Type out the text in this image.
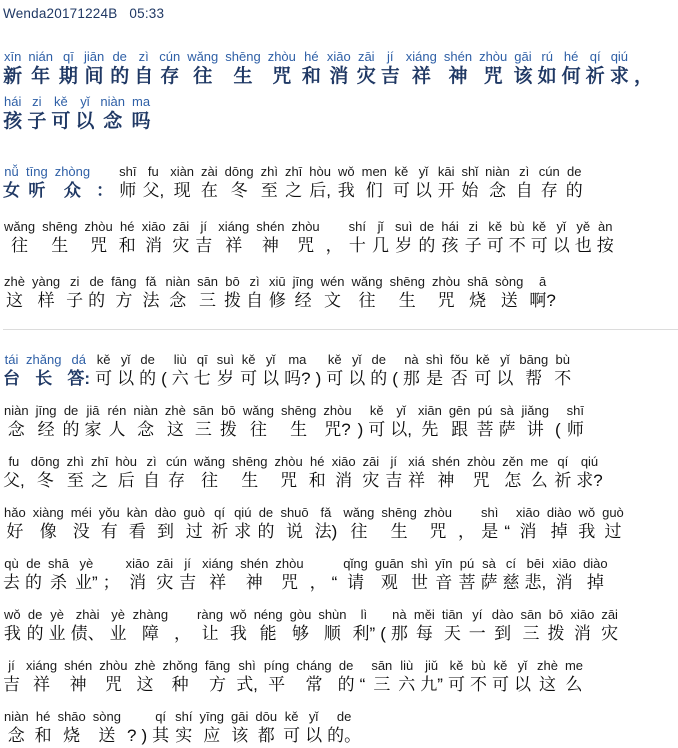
Wenda20171224B 05:33
xīn
新
nián
年
qī
期
jiān
间
de
的
zì
自
cún
存
wǎng
往
shēng
生
zhòu
咒
hé
和
xiāo
消
zāi
灾
jí
吉
xiáng
祥
shén
神
zhòu
咒
gāi
该
rú
如
hé
何
qí
祈
qiú
求 ，
hái
孩
zi
子
kě
可
yǐ
以
niàn
念
ma
吗
nǚ
女
tīng
听
zhòng
众 ：
shī
师
fu
父,
xiàn
现
zài
在
dōng
冬
zhì
至
zhī
之
hòu
后,
wǒ
我
men
们
kě
可
yǐ
以
kāi
开
shǐ
始
niàn
念
zì
自
cún
存
de
的
wǎng
往
shēng
生
zhòu
咒
hé
和
xiāo
消
zāi
灾
jí
吉
xiáng
祥
shén
神
zhòu
咒 ，
shí
十
jǐ
几
suì
岁
de
的
hái
孩
zi
子
kě
可
bù
不
kě
可
yǐ
以
yě
也
àn
按
zhè
这
yàng
样
zi
子
de
的
fāng
方
fǎ
法
niàn
念
sān
三
bō
拨
zì
自
xiū
修
jīng
经
wén
文
wǎng
往
shēng
生
zhòu
咒
shā
烧
sòng
送
ā
啊?
tái
台
zhǎng
长
dá
答:
kě
可
yǐ
以
de
的 (
liù
六
qī
七
suì
岁
kě
可
yǐ
以
ma
吗? )
kě
可
yǐ
以
de
的 (
nà
那
shì
是
fǒu
否
kě
可
yǐ
以
bāng
帮
bù
不
niàn
念
jīng
经
de
的
jiā
家
rén
人
niàn
念
zhè
这
sān
三
bō
拨
wǎng
往
shēng
生
zhòu
咒? )
kě
可
yǐ
以,
xiān
先
gēn
跟
pú
菩
sà
萨
jiǎng
讲 (
shī
师
fu
父,
dōng
冬
zhì
至
zhī
之
hòu
后
zì
自
cún
存
wǎng
往
shēng
生
zhòu
咒
hé
和
xiāo
消
zāi
灾
jí
吉
xiá
祥
shén
神
zhòu
咒
zěn
怎
me
么
qí
祈
qiú
求?
hǎo
好
xiàng
像
méi
没
yǒu
有
kàn
看
dào
到
guò
过
qí
祈
qiú
求
de
的
shuō
说
fǎ
法)
wǎng
往
shēng
生
zhòu
咒 ，
shì
是 “
xiāo
消
diào
掉
wǒ
我
guò
过
qù
去
de
的
shā
杀
yè
业” ；
xiāo
消
zāi
灾
jí
吉
xiáng
祥
shén
神
zhòu
咒 ， “
qǐng
请
guān
观
shì
世
yīn
音
pú
菩
sà
萨
cí
慈
bēi
悲,
xiāo
消
diào
掉
wǒ
我
de
的
yè
业
zhài
债、
yè
业
zhàng
障 ，
ràng
让
wǒ
我
néng
能
gòu
够
shùn
顺
lì
利” (
nà
那
měi
每
tiān
天
yí
一
dào
到
sān
三
bō
拨
xiāo
消
zāi
灾
jí
吉
xiáng
祥
shén
神
zhòu
咒
zhè
这
zhǒng
种
fāng
方
shì
式,
píng
平
cháng
常
de
的 “
sān
三
liù
六
jiǔ
九”
kě
可
bù
不
kě
可
yǐ
以
zhè
这
me
么
niàn
念
hé
和
shāo
烧
sòng
送 ? )
qí
其
shí
实
yīng
应
gāi
该
dōu
都
kě
可
yǐ
以
de
的。
